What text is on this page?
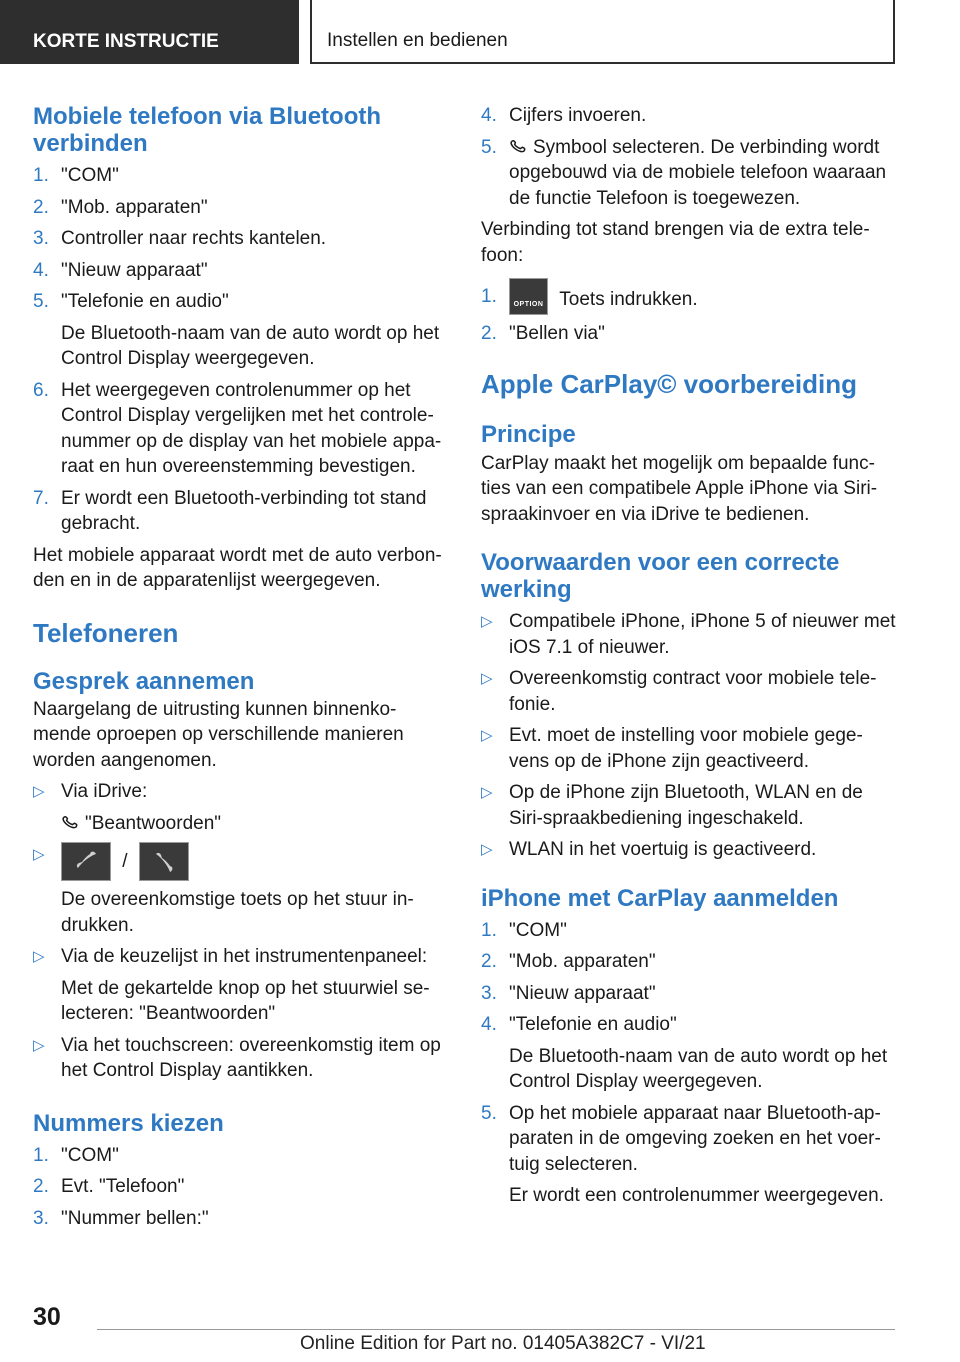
KORTE INSTRUCTIE	Instellen en bedienen
Mobiele telefoon via Bluetooth verbinden
1. "COM"
2. "Mob. apparaten"
3. Controller naar rechts kantelen.
4. "Nieuw apparaat"
5. "Telefonie en audio"

De Bluetooth-naam van de auto wordt op het Control Display weergegeven.

6. Het weergegeven controlenummer op het Control Display vergelijken met het controle-nummer op de display van het mobiele appa-raat en hun overeenstemming bevestigen.
7. Er wordt een Bluetooth-verbinding tot stand gebracht.

Het mobiele apparaat wordt met de auto verbon-den en in de apparatenlijst weergegeven.

Telefoneren
Gesprek aannemen

Naargelang de uitrusting kunnen binnenko-mende oproepen op verschillende manieren worden aangenomen.

▷ Via iDrive:

"Beantwoorden"

▷	/

De overeenkomstige toets op het stuur in-drukken.

▷ Via de keuzelijst in het instrumentenpaneel:

Met de gekartelde knop op het stuurwiel se-lecteren: "Beantwoorden"

▷ Via het touchscreen: overeenkomstig item op het Control Display aantikken.
Nummers kiezen
1. "COM"
2. Evt. "Telefoon"
3. "Nummer bellen:"
4. Cijfers invoeren.
5. Symbool selecteren. De verbinding wordt opgebouwd via de mobiele telefoon waaraan de functie Telefoon is toegewezen.

Verbinding tot stand brengen via de extra tele-foon:

1.	OPTION Toets indrukken.
2. "Bellen via"
Apple CarPlay© voorbereiding
Principe

CarPlay maakt het mogelijk om bepaalde func-ties van een compatibele Apple iPhone via Siri-spraakinvoer en via iDrive te bedienen.

Voorwaarden voor een correcte werking
▷ Compatibele iPhone, iPhone 5 of nieuwer met iOS 7.1 of nieuwer.
▷ Overeenkomstig contract voor mobiele tele-fonie.
▷ Evt. moet de instelling voor mobiele gege-vens op de iPhone zijn geactiveerd.
▷ Op de iPhone zijn Bluetooth, WLAN en de Siri-spraakbediening ingeschakeld.
▷ WLAN in het voertuig is geactiveerd.
iPhone met CarPlay aanmelden
1. "COM"
2. "Mob. apparaten"
3. "Nieuw apparaat"
4. "Telefonie en audio"

De Bluetooth-naam van de auto wordt op het Control Display weergegeven.

5. Op het mobiele apparaat naar Bluetooth-ap-paraten in de omgeving zoeken en het voer-tuig selecteren.

Er wordt een controlenummer weergegeven.

30
Online Edition for Part no. 01405A382C7 - VI/21
